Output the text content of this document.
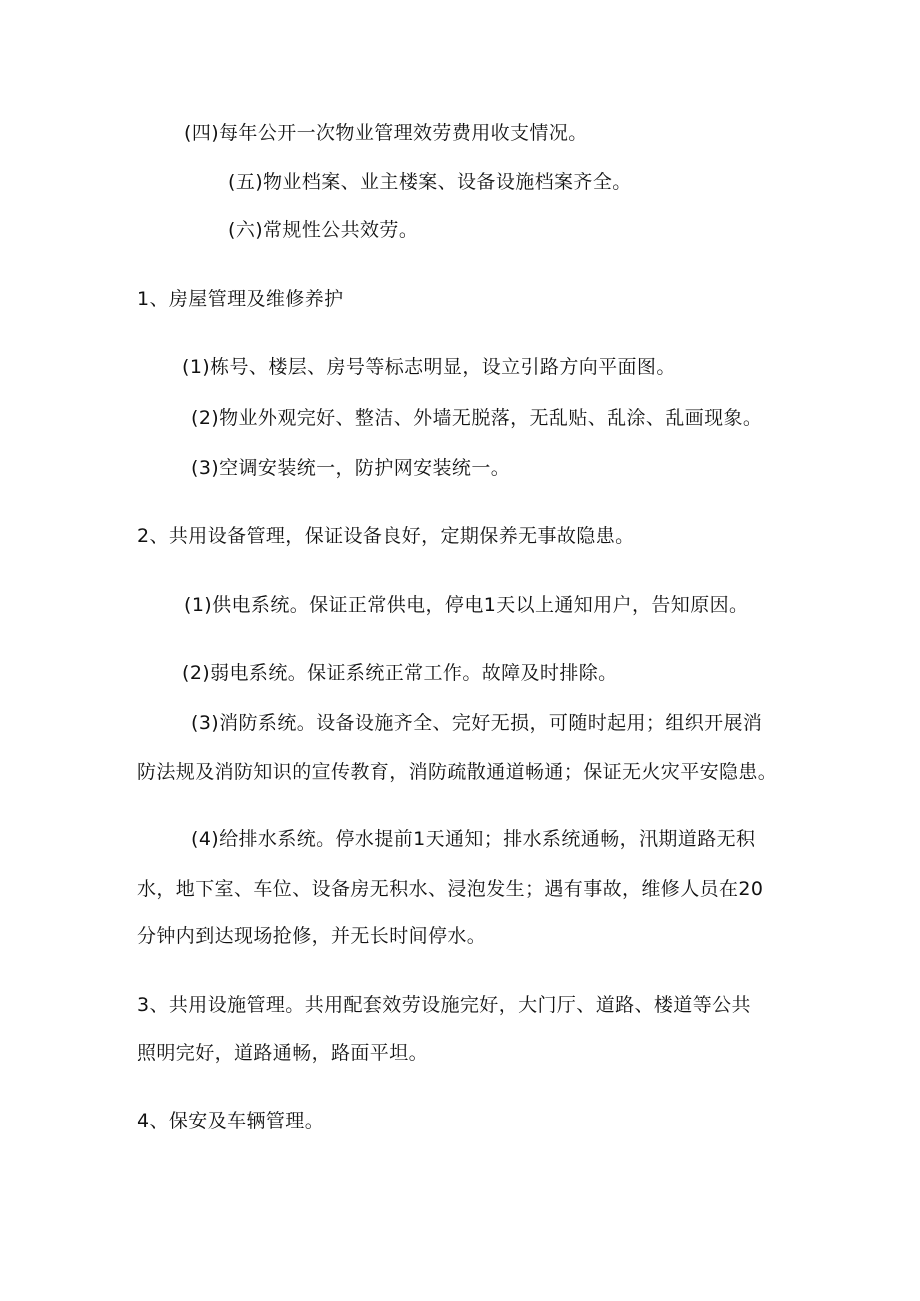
(四)每年公开一次物业管理效劳费用收支情况。
(五)物业档案、业主楼案、设备设施档案齐全。
(六)常规性公共效劳。
1、房屋管理及维修养护
(1)栋号、楼层、房号等标志明显，设立引路方向平面图。
(2)物业外观完好、整洁、外墙无脱落，无乱贴、乱涂、乱画现象。
(3)空调安装统一，防护网安装统一。
2、共用设备管理，保证设备良好，定期保养无事故隐患。
(1)供电系统。保证正常供电，停电1天以上通知用户，告知原因。
(2)弱电系统。保证系统正常工作。故障及时排除。
(3)消防系统。设备设施齐全、完好无损，可随时起用；组织开展消
防法规及消防知识的宣传教育，消防疏散通道畅通；保证无火灾平安隐患。
(4)给排水系统。停水提前1天通知；排水系统通畅，汛期道路无积
水，地下室、车位、设备房无积水、浸泡发生；遇有事故，维修人员在20
分钟内到达现场抢修，并无长时间停水。
3、共用设施管理。共用配套效劳设施完好，大门厅、道路、楼道等公共
照明完好，道路通畅，路面平坦。
4、保安及车辆管理。
